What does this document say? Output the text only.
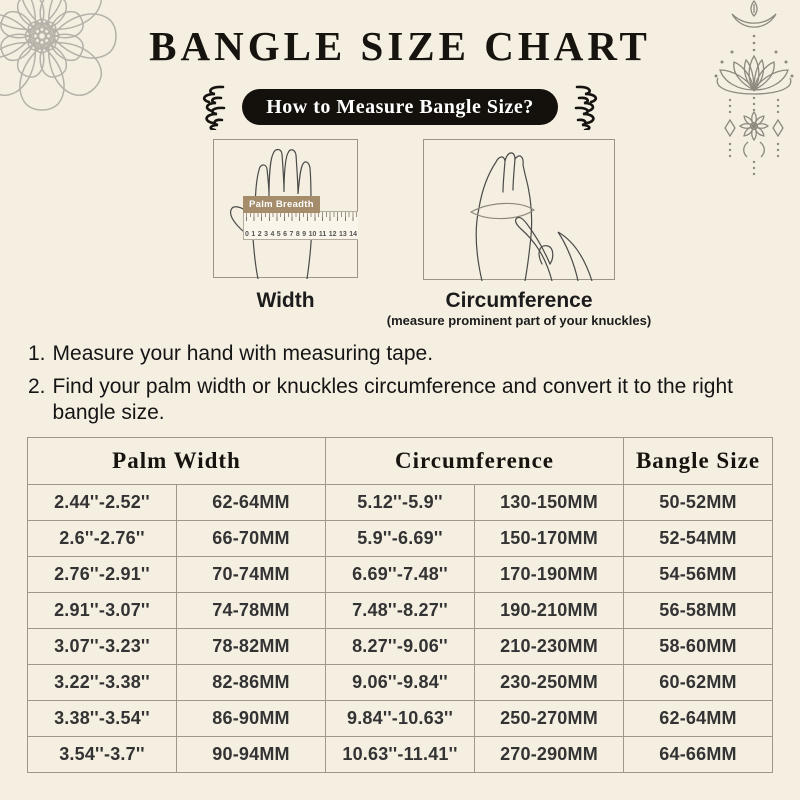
BANGLE SIZE CHART
How to Measure Bangle Size?
0 1 2 3 4 5 6 7 8 9 10 11 12 13 14
Palm Breadth
Width	Circumference
(measure prominent part of your knuckles)
1. Measure your hand with measuring tape.
2. Find your palm width or knuckles circumference and convert it to the right bangle size.
Palm Width		Circumference		Bangle Size
2.44''-2.52''	62-64MM	5.12''-5.9''	130-150MM	50-52MM
2.6''-2.76''	66-70MM	5.9''-6.69''	150-170MM	52-54MM
2.76''-2.91''	70-74MM	6.69''-7.48''	170-190MM	54-56MM
2.91''-3.07''	74-78MM	7.48''-8.27''	190-210MM	56-58MM
3.07''-3.23''	78-82MM	8.27''-9.06''	210-230MM	58-60MM
3.22''-3.38''	82-86MM	9.06''-9.84''	230-250MM	60-62MM
3.38''-3.54''	86-90MM	9.84''-10.63''	250-270MM	62-64MM
3.54''-3.7''	90-94MM	10.63''-11.41''	270-290MM	64-66MM
